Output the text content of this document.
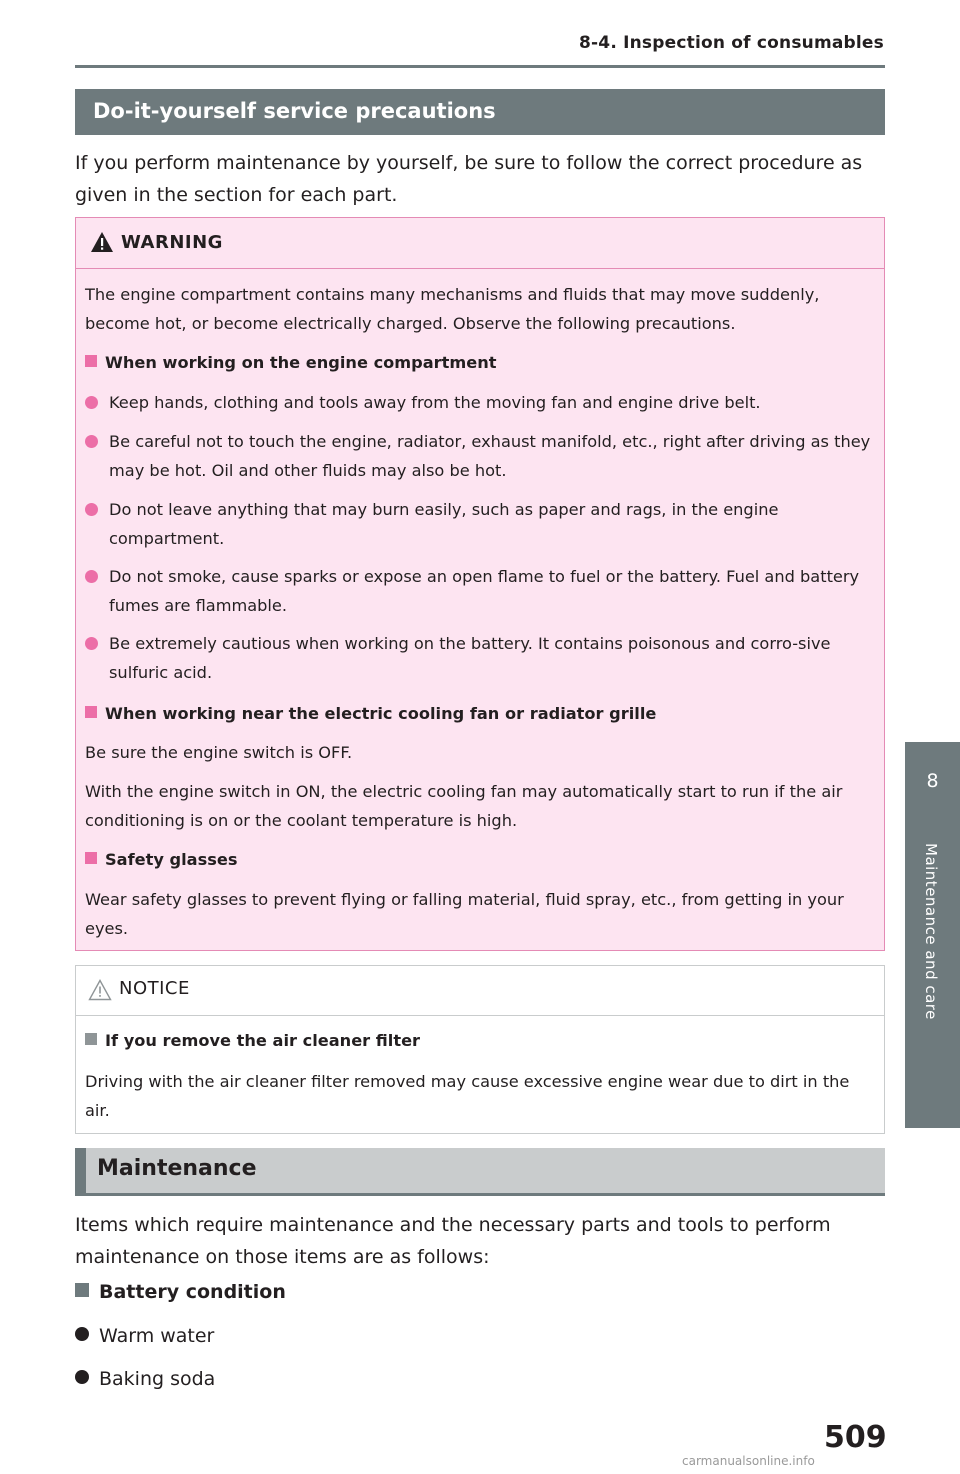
8-4. Inspection of consumables
8
Maintenance and care
Do-it-yourself service precautions
If you perform maintenance by yourself, be sure to follow the correct procedure as given in the section for each part.
WARNING
The engine compartment contains many mechanisms and fluids that may move suddenly, become hot, or become electrically charged. Observe the following precautions.
When working on the engine compartment
Keep hands, clothing and tools away from the moving fan and engine drive belt.
Be careful not to touch the engine, radiator, exhaust manifold, etc., right after driving as they may be hot. Oil and other fluids may also be hot.
Do not leave anything that may burn easily, such as paper and rags, in the engine compartment.
Do not smoke, cause sparks or expose an open flame to fuel or the battery. Fuel and battery fumes are flammable.
Be extremely cautious when working on the battery. It contains poisonous and corro-sive sulfuric acid.
When working near the electric cooling fan or radiator grille
Be sure the engine switch is OFF.
With the engine switch in ON, the electric cooling fan may automatically start to run if the air conditioning is on or the coolant temperature is high.
Safety glasses
Wear safety glasses to prevent flying or falling material, fluid spray, etc., from getting in your eyes.
NOTICE
If you remove the air cleaner filter
Driving with the air cleaner filter removed may cause excessive engine wear due to dirt in the air.
Maintenance
Items which require maintenance and the necessary parts and tools to perform maintenance on those items are as follows:
Battery condition
Warm water
Baking soda
509
carmanualsonline.info
